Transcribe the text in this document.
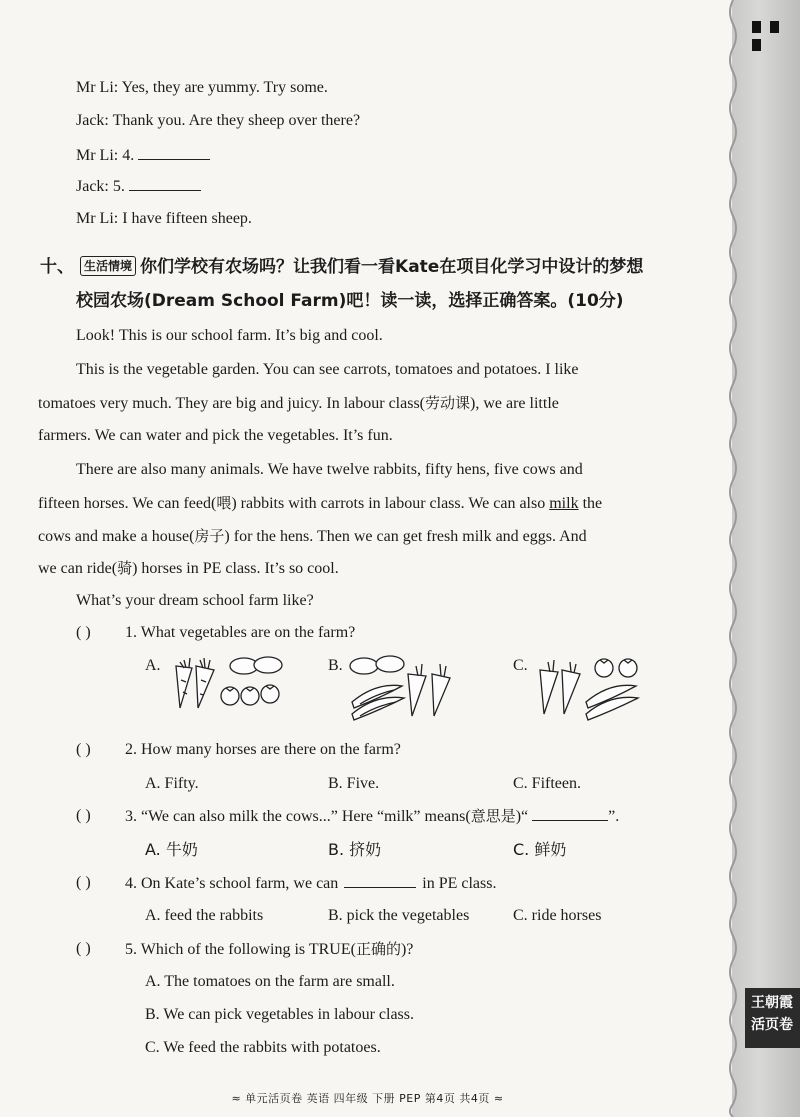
Mr Li: Yes, they are yummy. Try some.
Jack: Thank you. Are they sheep over there?
Mr Li: 4.
Jack: 5.
Mr Li: I have fifteen sheep.
十、 生活情境 你们学校有农场吗？让我们看一看Kate在项目化学习中设计的梦想
校园农场(Dream School Farm)吧！读一读，选择正确答案。(10分)
Look! This is our school farm. It’s big and cool.
This is the vegetable garden. You can see carrots, tomatoes and potatoes. I like
tomatoes very much. They are big and juicy. In labour class(劳动课), we are little
farmers. We can water and pick the vegetables. It’s fun.
There are also many animals. We have twelve rabbits, fifty hens, five cows and
fifteen horses. We can feed(喂) rabbits with carrots in labour class. We can also milk the
cows and make a house(房子) for the hens. Then we can get fresh milk and eggs. And
we can ride(骑) horses in PE class. It’s so cool.
What’s your dream school farm like?
( ) 1. What vegetables are on the farm?
A.	B.	C.
( ) 2. How many horses are there on the farm?
A. Fifty.	B. Five.	C. Fifteen.
( ) 3. “We can also milk the cows...” Here “milk” means(意思是)“	”.
A. 牛奶	B. 挤奶	C. 鲜奶
( ) 4. On Kate’s school farm, we can	in PE class.
A. feed the rabbits	B. pick the vegetables	C. ride horses
( ) 5. Which of the following is TRUE(正确的)?
A. The tomatoes on the farm are small.
B. We can pick vegetables in labour class.
C. We feed the rabbits with potatoes.
≈ 单元活页卷 英语 四年级 下册 PEP 第4页 共4页 ≈
王朝霞
活页卷
